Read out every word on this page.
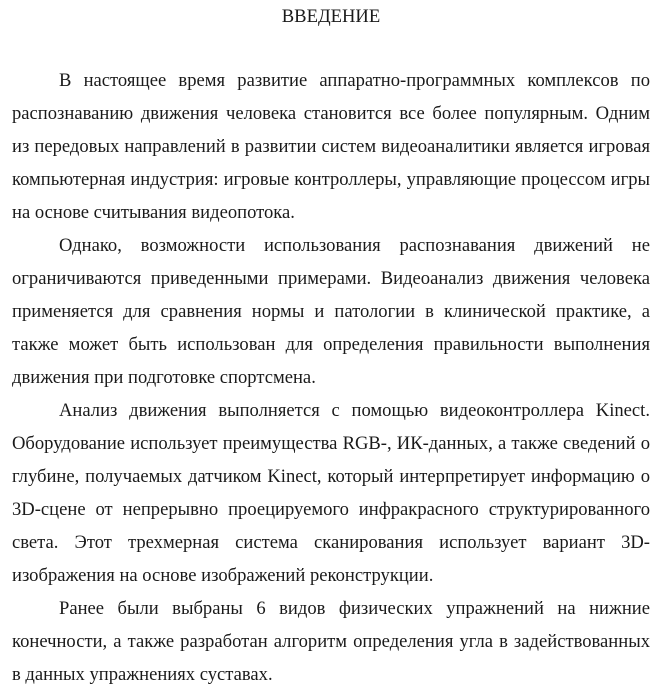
ВВЕДЕНИЕ

В настоящее время развитие аппаратно-программных комплексов по распознаванию движения человека становится все более популярным. Одним из передовых направлений в развитии систем видеоаналитики является игровая компьютерная индустрия: игровые контроллеры, управляющие процессом игры на основе считывания видеопотока.

Однако, возможности использования распознавания движений не ограничиваются приведенными примерами. Видеоанализ движения человека применяется для сравнения нормы и патологии в клинической практике, а также может быть использован для определения правильности выполнения движения при подготовке спортсмена.

Анализ движения выполняется с помощью видеоконтроллера Kinect. Оборудование использует преимущества RGB-, ИК-данных, а также сведений о глубине, получаемых датчиком Kinect, который интерпретирует информацию о 3D-сцене от непрерывно проецируемого инфракрасного структурированного света. Этот трехмерная система сканирования использует вариант 3D-изображения на основе изображений реконструкции.

Ранее были выбраны 6 видов физических упражнений на нижние конечности, а также разработан алгоритм определения угла в задействованных в данных упражнениях суставах.
